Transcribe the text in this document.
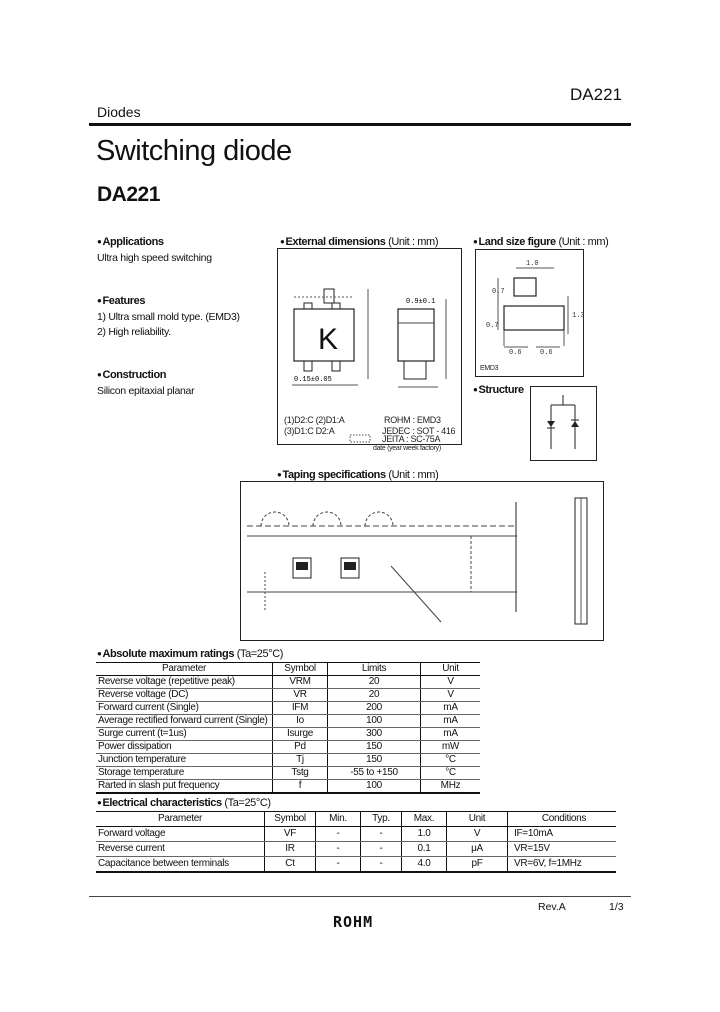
Diodes
DA221
Switching diode
DA221
● Applications
Ultra high speed switching
● Features
1) Ultra small mold type. (EMD3)
2) High reliability.
● Construction
Silicon epitaxial planar
● External dimensions (Unit : mm)
0.15±0.05
0.9±0.1
K
(1)D2:C (2)D1:A
(3)D1:C D2:A
ROHM : EMD3
JEDEC : SOT - 416
JEITA : SC-75A
date (year week factory)
● Land size figure (Unit : mm)
1.0
0.7
0.7
1.3
0.6	0.6
EMD3
● Structure
● Taping specifications (Unit : mm)
● Absolute maximum ratings (Ta=25°C)
Parameter	Symbol	Limits	Unit
Reverse voltage (repetitive peak)	VRM	20	V
Reverse voltage (DC)	VR	20	V
Forward current (Single)	IFM	200	mA
Average rectified forward current (Single)	Io	100	mA
Surge current (t=1us)	Isurge	300	mA
Power dissipation	Pd	150	mW
Junction temperature	Tj	150	°C
Storage temperature	Tstg	-55 to +150	°C
Rarted in slash put frequency	f	100	MHz
● Electrical characteristics (Ta=25°C)
Parameter	Symbol	Min.	Typ.	Max.	Unit	Conditions
Forward voltage	VF	-	-	1.0	V	IF=10mA
Reverse current	IR	-	-	0.1	μA	VR=15V
Capacitance between terminals	Ct	-	-	4.0	pF	VR=6V, f=1MHz
Rev.A	1/3
ROHM
